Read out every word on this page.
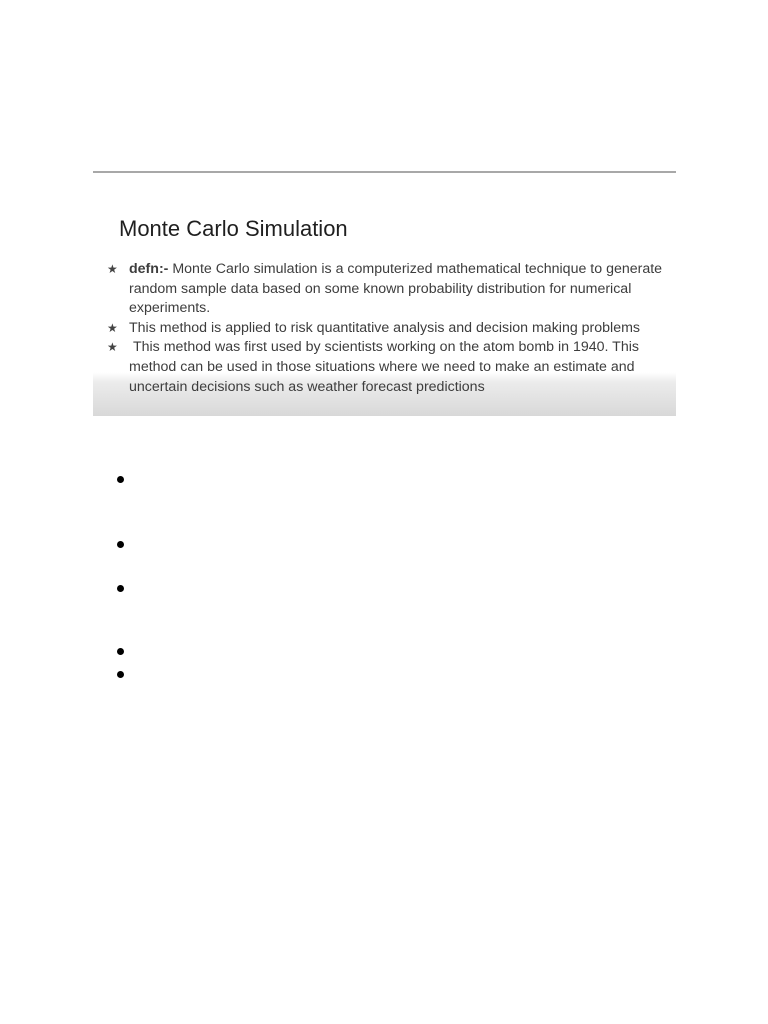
Monte Carlo Simulation
★ defn:- Monte Carlo simulation is a computerized mathematical technique to generate random sample data based on some known probability distribution for numerical experiments.
★ This method is applied to risk quantitative analysis and decision making problems
★ This method was first used by scientists working on the atom bomb in 1940. This method can be used in those situations where we need to make an estimate and uncertain decisions such as weather forecast predictions
